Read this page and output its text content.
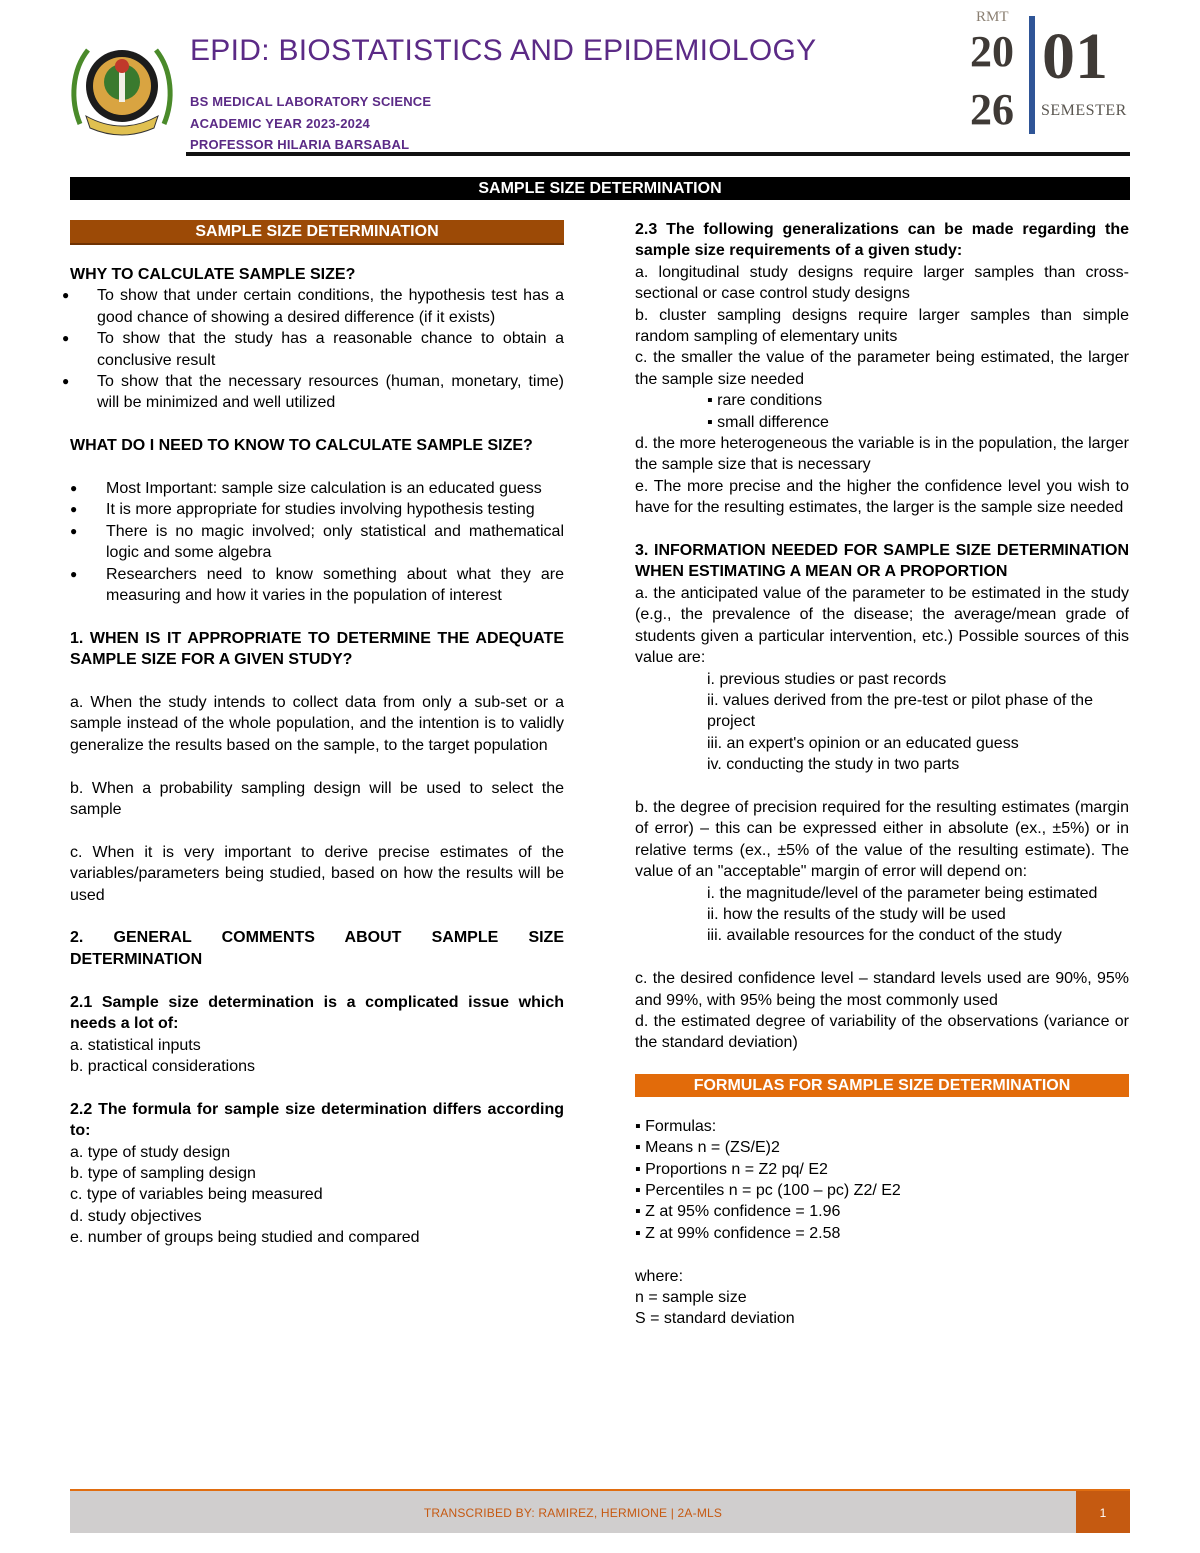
EPID: BIOSTATISTICS AND EPIDEMIOLOGY
BS MEDICAL LABORATORY SCIENCE
ACADEMIC YEAR 2023-2024
PROFESSOR HILARIA BARSABAL
RMT
20
26
01
SEMESTER
SAMPLE SIZE DETERMINATION
SAMPLE SIZE DETERMINATION

WHY TO CALCULATE SAMPLE SIZE?

● To show that under certain conditions, the hypothesis test has a good chance of showing a desired difference (if it exists)
● To show that the study has a reasonable chance to obtain a conclusive result
● To show that the necessary resources (human, monetary, time) will be minimized and well utilized

WHAT DO I NEED TO KNOW TO CALCULATE SAMPLE SIZE?

● Most Important: sample size calculation is an educated guess
● It is more appropriate for studies involving hypothesis testing
● There is no magic involved; only statistical and mathematical logic and some algebra
● Researchers need to know something about what they are measuring and how it varies in the population of interest

1. WHEN IS IT APPROPRIATE TO DETERMINE THE ADEQUATE SAMPLE SIZE FOR A GIVEN STUDY?

a. When the study intends to collect data from only a sub-set or a sample instead of the whole population, and the intention is to validly generalize the results based on the sample, to the target population

b. When a probability sampling design will be used to select the sample

c. When it is very important to derive precise estimates of the variables/parameters being studied, based on how the results will be used

2. GENERAL COMMENTS ABOUT SAMPLE SIZE DETERMINATION

2.1 Sample size determination is a complicated issue which needs a lot of:

a. statistical inputs

b. practical considerations

2.2 The formula for sample size determination differs according to:

a. type of study design

b. type of sampling design

c. type of variables being measured

d. study objectives

e. number of groups being studied and compared

2.3 The following generalizations can be made regarding the sample size requirements of a given study:

a. longitudinal study designs require larger samples than cross-sectional or case control study designs

b. cluster sampling designs require larger samples than simple random sampling of elementary units

c. the smaller the value of the parameter being estimated, the larger the sample size needed

▪ rare conditions

▪ small difference

d. the more heterogeneous the variable is in the population, the larger the sample size that is necessary

e. The more precise and the higher the confidence level you wish to have for the resulting estimates, the larger is the sample size needed

3. INFORMATION NEEDED FOR SAMPLE SIZE DETERMINATION WHEN ESTIMATING A MEAN OR A PROPORTION

a. the anticipated value of the parameter to be estimated in the study (e.g., the prevalence of the disease; the average/mean grade of students given a particular intervention, etc.) Possible sources of this value are:

i. previous studies or past records

ii. values derived from the pre-test or pilot phase of the project

iii. an expert's opinion or an educated guess

iv. conducting the study in two parts

b. the degree of precision required for the resulting estimates (margin of error) – this can be expressed either in absolute (ex., ±5%) or in relative terms (ex., ±5% of the value of the resulting estimate). The value of an "acceptable" margin of error will depend on:

i. the magnitude/level of the parameter being estimated

ii. how the results of the study will be used

iii. available resources for the conduct of the study

c. the desired confidence level – standard levels used are 90%, 95% and 99%, with 95% being the most commonly used

d. the estimated degree of variability of the observations (variance or the standard deviation)

FORMULAS FOR SAMPLE SIZE DETERMINATION

▪ Formulas:

▪ Means n = (ZS/E)2

▪ Proportions n = Z2 pq/ E2

▪ Percentiles n = pc (100 – pc) Z2/ E2

▪ Z at 95% confidence = 1.96

▪ Z at 99% confidence = 2.58

where:

n = sample size

S = standard deviation

TRANSCRIBED BY: RAMIREZ, HERMIONE | 2A-MLS	1
